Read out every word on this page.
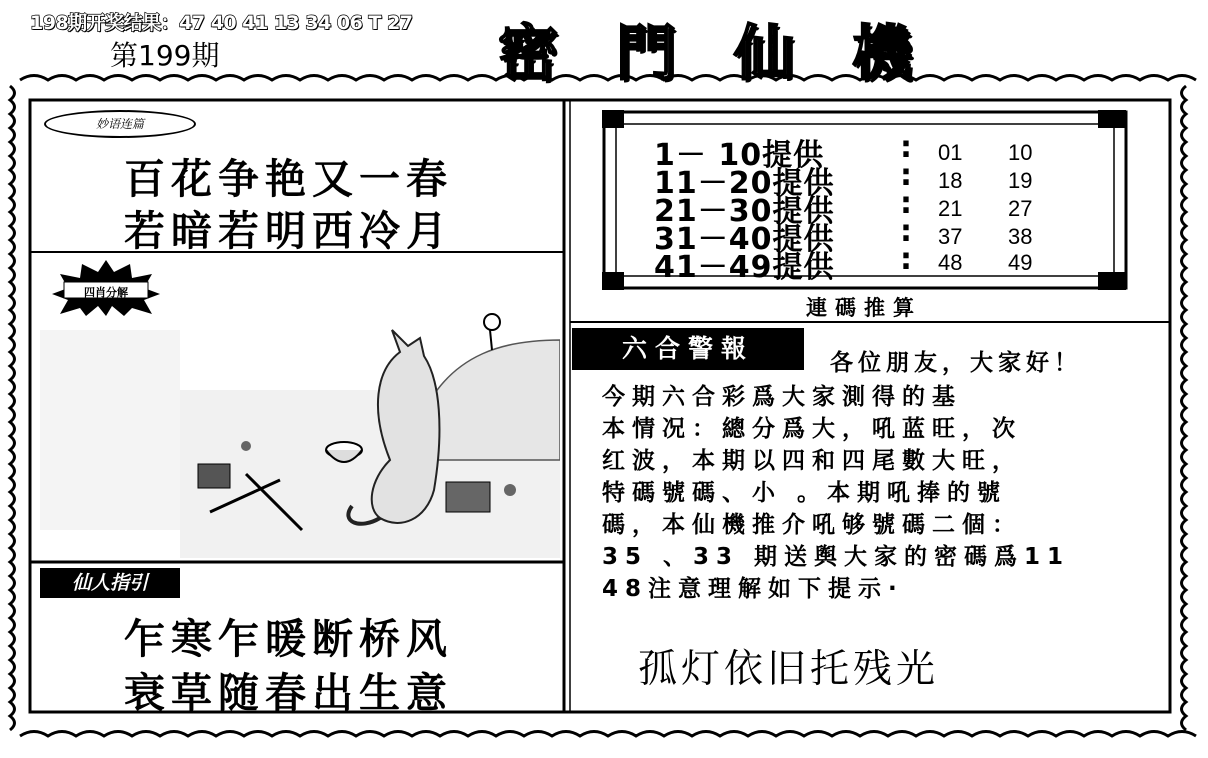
198期开奖结果：47 40 41 13 34 06 T 27
第199期	密門仙機
妙语连篇
百花争艳又一春
若暗若明西冷月
四肖分解
仙人指引
乍寒乍暖断桥风
衰草随春出生意
1－ 10提供
11－20提供
21－30提供
31－40提供
41－49提供
:
:
:
:
:
01 10
18 19
21 27
37 38
48 49
連碼推算
六合警報	各位朋友，大家好！
今期六合彩爲大家測得的基
本情况：總分爲大，吼蓝旺，次
红波，本期以四和四尾數大旺，
特碼號碼、小 。本期吼捧的號
碼，本仙機推介吼够號碼二個：
35 、33 期送舆大家的密碼爲11
48注意理解如下提示·
孤灯依旧托残光
